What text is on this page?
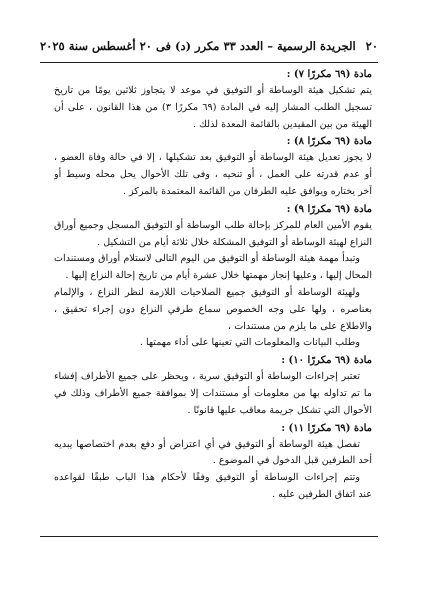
٢٠
الجريدة الرسمية – العدد ٣٣ مكرر (د) فى ٢٠ أغسطس سنة ٢٠٢٥
مادة (٦٩ مكررًا ٧) :
يتم تشكيل هيئة الوساطة أو التوفيق في موعد لا يتجاوز ثلاثين يومًا من تاريخ
تسجيل الطلب المشار إليه في المادة (٦٩ مكررًا ٣) من هذا القانون ، على أن
الهيئة من بين المقيدين بالقائمة المعدة لذلك .
مادة (٦٩ مكررًا ٨) :
لا يجوز تعديل هيئة الوساطة أو التوفيق بعد تشكيلها ، إلا في حالة وفاة العضو ،
أو عدم قدرته على العمل ، أو تنحيه ، وفى تلك الأحوال يحل محله وسيط أو
آخر يختاره ويوافق عليه الطرفان من القائمة المعتمدة بالمركز .
مادة (٦٩ مكررًا ٩) :
يقوم الأمين العام للمركز بإحالة طلب الوساطة أو التوفيق المسجل وجميع أوراق
النزاع لهيئة الوساطة أو التوفيق المشكلة خلال ثلاثة أيام من التشكيل .
وتبدأ مهمة هيئة الوساطة أو التوفيق من اليوم التالى لاستلام أوراق ومستندات
المحال إليها ، وعليها إنجاز مهمتها خلال عشرة أيام من تاريخ إحالة النزاع إليها .
ولهيئة الوساطة أو التوفيق جميع الصلاحيات اللازمة لنظر النزاع ، والإلمام
بعناصره ، ولها على وجه الخصوص سماع طرفي النزاع دون إجراء تحقيق ،
والاطلاع على ما يلزم من مستندات ،
وطلب البيانات والمعلومات التي تعينها على أداء مهمتها .
مادة (٦٩ مكررًا ١٠) :
تعتبر إجراءات الوساطة أو التوفيق سرية ، ويحظر على جميع الأطراف إفشاء
ما تم تداوله بها من معلومات أو مستندات إلا بموافقة جميع الأطراف وذلك في
الأحوال التي تشكل جريمة معاقب عليها قانونًا .
مادة (٦٩ مكررًا ١١) :
تفصل هيئة الوساطة أو التوفيق في أي اعتراض أو دفع بعدم اختصاصها يبديه
أحد الطرفين قبل الدخول في الموضوع .
وتتم إجراءات الوساطة أو التوفيق وفقًا لأحكام هذا الباب طبقًا لقواعده
عند اتفاق الطرفين عليه .
